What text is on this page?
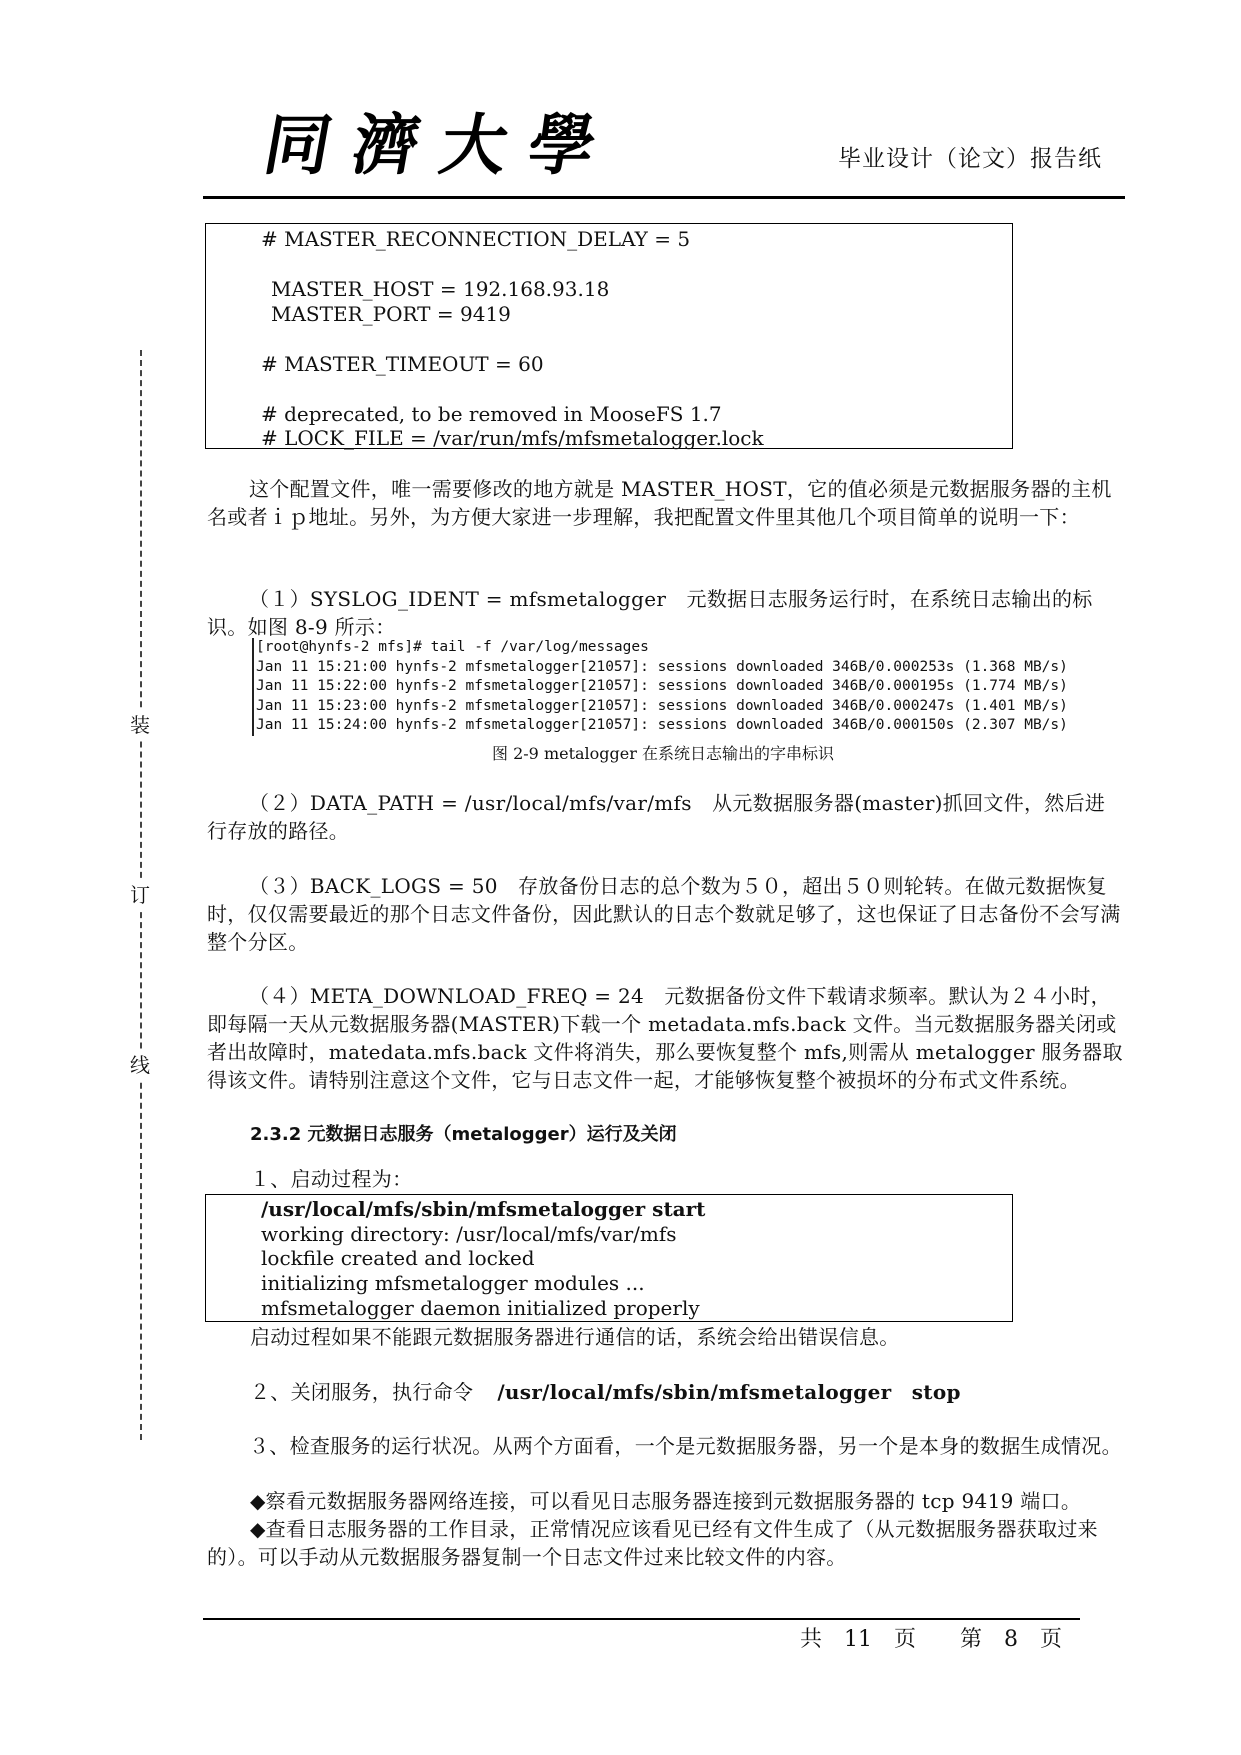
同濟大學	毕业设计（论文）报告纸
装
订
线
# MASTER_RECONNECTION_DELAY = 5
MASTER_HOST = 192.168.93.18
MASTER_PORT = 9419
# MASTER_TIMEOUT = 60
# deprecated, to be removed in MooseFS 1.7
# LOCK_FILE = /var/run/mfs/mfsmetalogger.lock
这个配置文件，唯一需要修改的地方就是 MASTER_HOST，它的值必须是元数据服务器的主机名或者ｉｐ地址。另外，为方便大家进一步理解，我把配置文件里其他几个项目简单的说明一下：
（１）SYSLOG_IDENT = mfsmetalogger　元数据日志服务运行时，在系统日志输出的标识。如图 8-9 所示：
[root@hynfs-2 mfs]# tail -f /var/log/messages
Jan 11 15:21:00 hynfs-2 mfsmetalogger[21057]: sessions downloaded 346B/0.000253s (1.368 MB/s)
Jan 11 15:22:00 hynfs-2 mfsmetalogger[21057]: sessions downloaded 346B/0.000195s (1.774 MB/s)
Jan 11 15:23:00 hynfs-2 mfsmetalogger[21057]: sessions downloaded 346B/0.000247s (1.401 MB/s)
Jan 11 15:24:00 hynfs-2 mfsmetalogger[21057]: sessions downloaded 346B/0.000150s (2.307 MB/s)
图 2-9 metalogger 在系统日志输出的字串标识
（２）DATA_PATH = /usr/local/mfs/var/mfs　从元数据服务器(master)抓回文件，然后进行存放的路径。
（３）BACK_LOGS = 50　存放备份日志的总个数为５０，超出５０则轮转。在做元数据恢复时，仅仅需要最近的那个日志文件备份，因此默认的日志个数就足够了，这也保证了日志备份不会写满整个分区。
（４）META_DOWNLOAD_FREQ = 24　元数据备份文件下载请求频率。默认为２４小时，即每隔一天从元数据服务器(MASTER)下载一个 metadata.mfs.back 文件。当元数据服务器关闭或者出故障时，matedata.mfs.back 文件将消失，那么要恢复整个 mfs,则需从 metalogger 服务器取得该文件。请特别注意这个文件，它与日志文件一起，才能够恢复整个被损坏的分布式文件系统。
2.3.2 元数据日志服务（metalogger）运行及关闭
１、启动过程为：
/usr/local/mfs/sbin/mfsmetalogger start
working directory: /usr/local/mfs/var/mfs
lockfile created and locked
initializing mfsmetalogger modules ...
mfsmetalogger daemon initialized properly
启动过程如果不能跟元数据服务器进行通信的话，系统会给出错误信息。
２、关闭服务，执行命令 /usr/local/mfs/sbin/mfsmetalogger　stop
３、检查服务的运行状况。从两个方面看，一个是元数据服务器，另一个是本身的数据生成情况。
◆察看元数据服务器网络连接，可以看见日志服务器连接到元数据服务器的 tcp 9419 端口。
◆查看日志服务器的工作目录，正常情况应该看见已经有文件生成了（从元数据服务器获取过来的）。可以手动从元数据服务器复制一个日志文件过来比较文件的内容。
共　11　页　　第　8　页
